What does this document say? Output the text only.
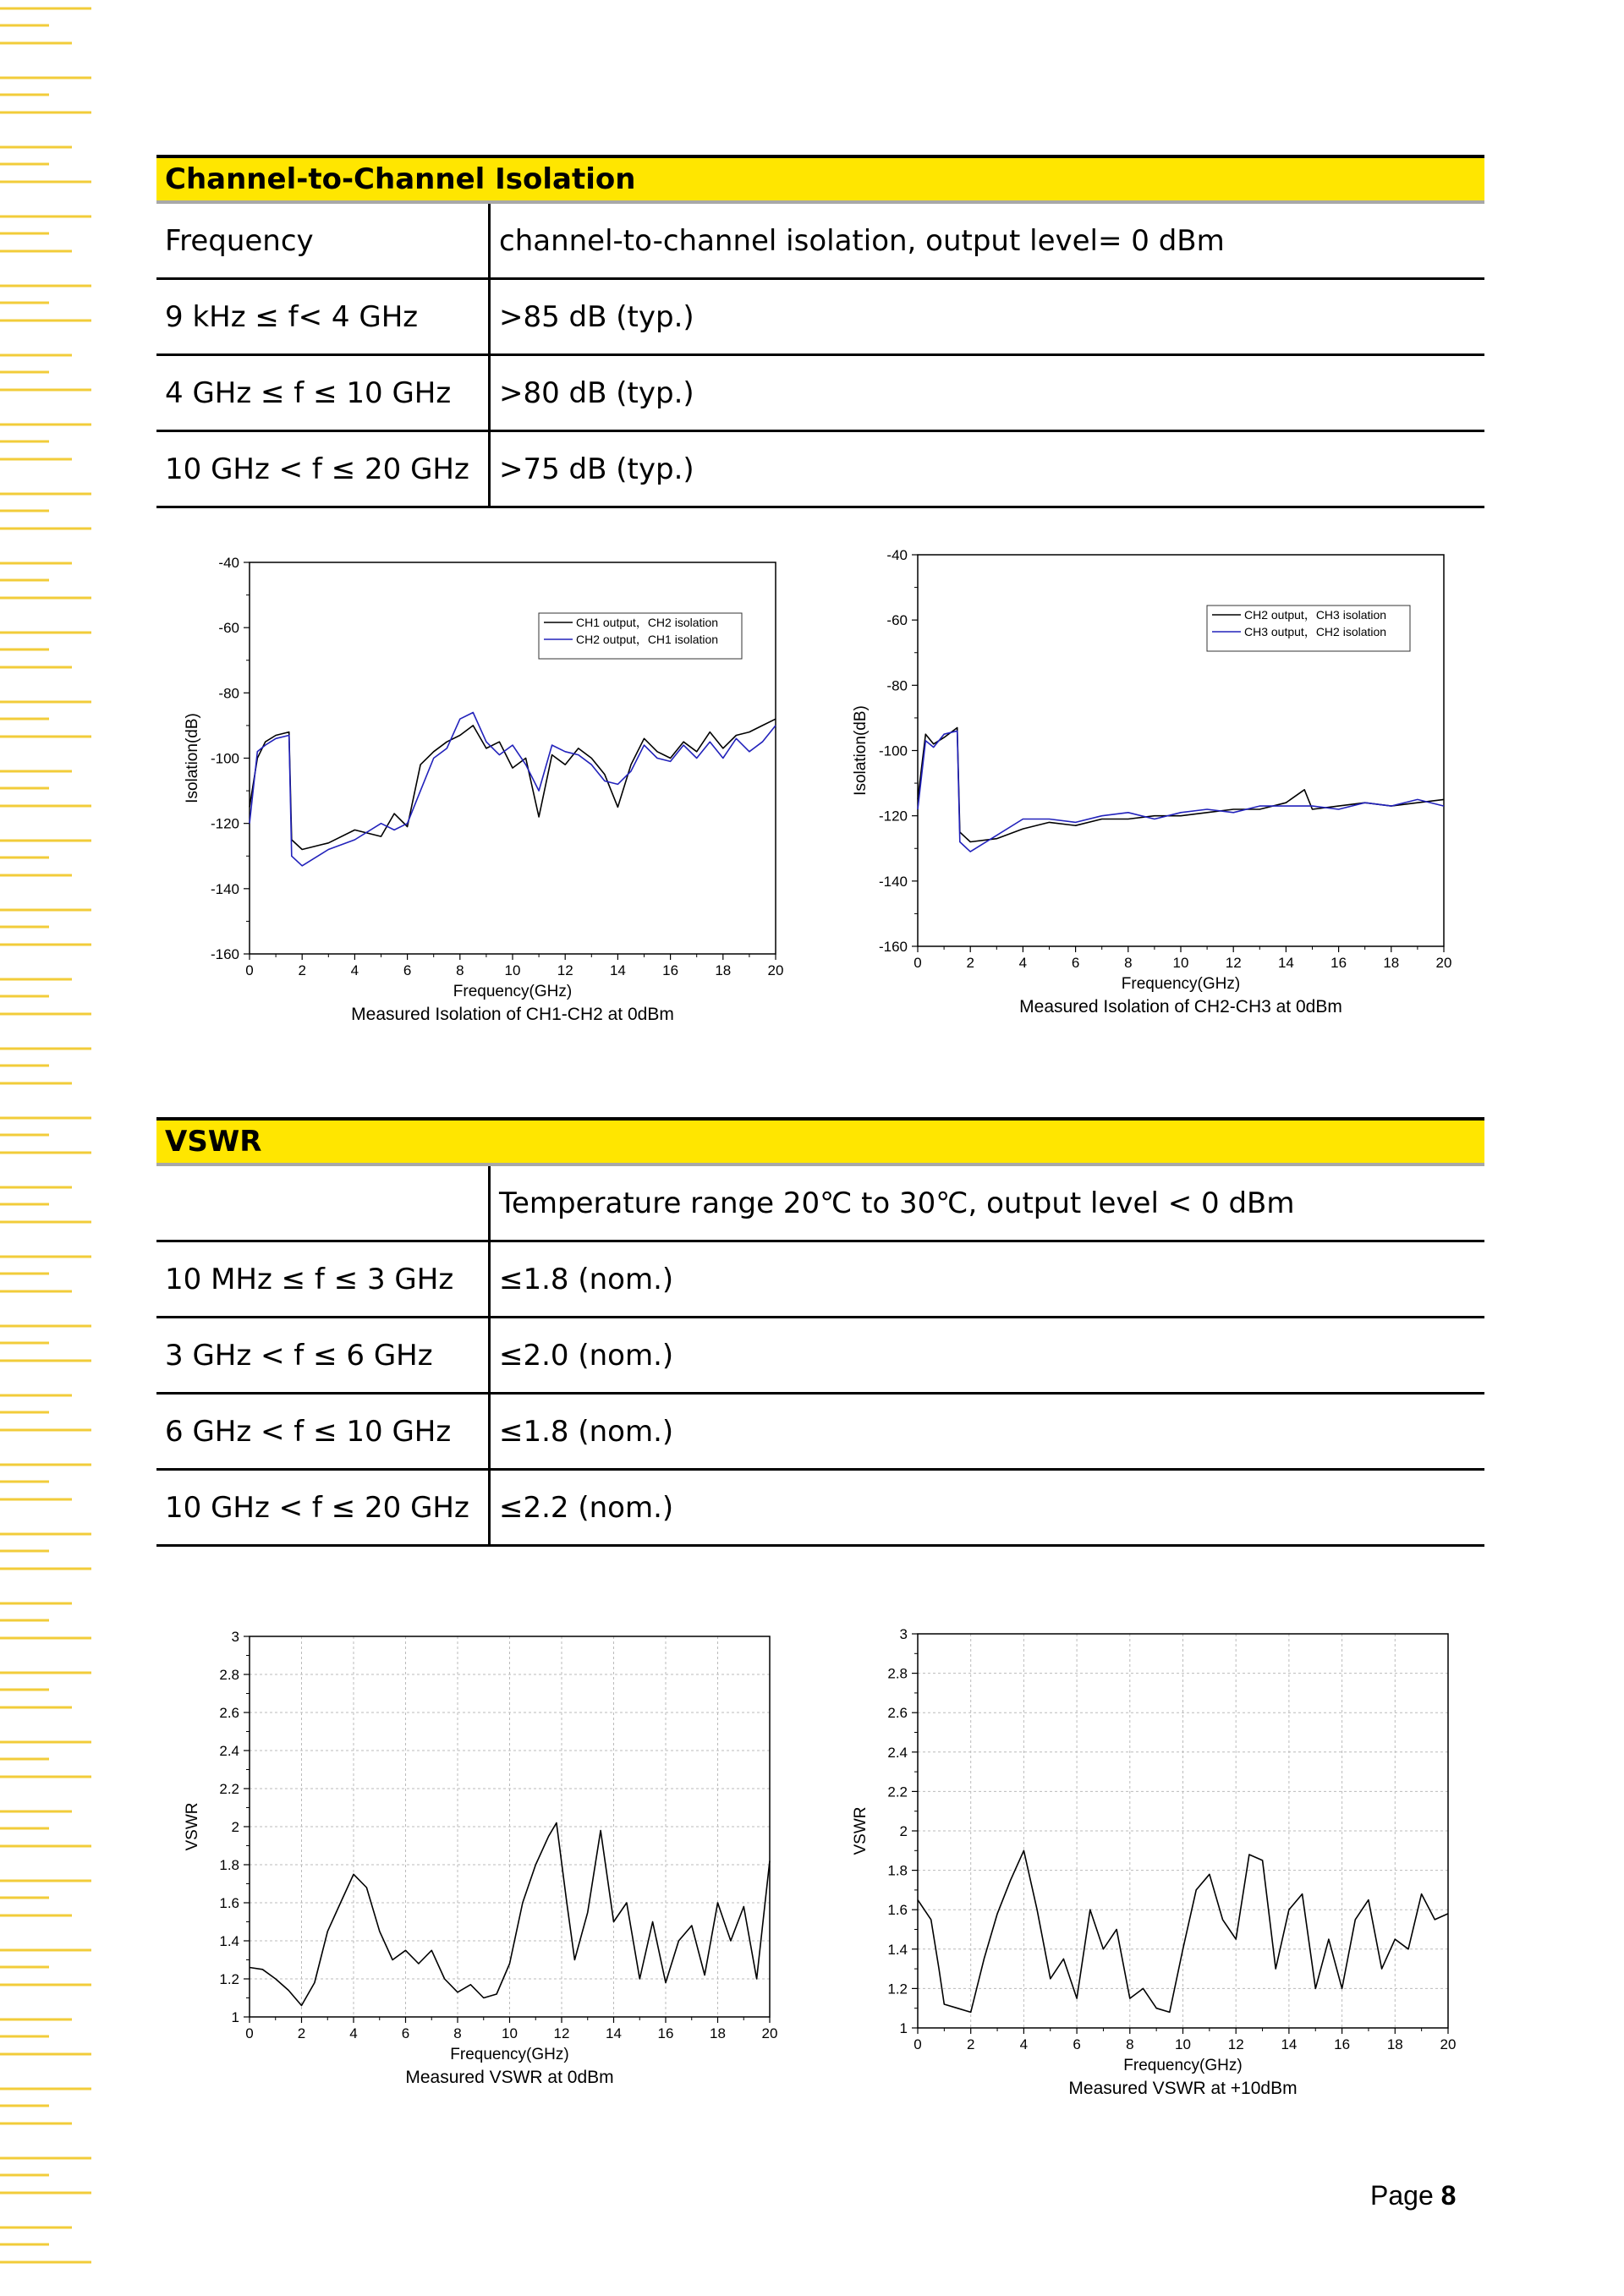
Channel-to-Channel Isolation
Frequency	channel-to-channel isolation, output level= 0 dBm
9 kHz ≤ f< 4 GHz	>85 dB (typ.)
4 GHz ≤ f ≤ 10 GHz	>80 dB (typ.)
10 GHz < f ≤ 20 GHz	>75 dB (typ.)
0	2	4	6	8	10	12	14	16	18	20
-160
-140
-120
-100
-80
-60
-40
Frequency(GHz)
Isolation(dB)
Measured Isolation of CH1-CH2 at 0dBm
CH1 output，CH2 isolation
CH2 output，CH1 isolation
0	2	4	6	8	10	12	14	16	18	20
-160
-140
-120
-100
-80
-60
-40
Frequency(GHz)
Isolation(dB)
Measured Isolation of CH2-CH3 at 0dBm
CH2 output，CH3 isolation
CH3 output，CH2 isolation
VSWR
	Temperature range 20℃ to 30℃, output level < 0 dBm
10 MHz ≤ f ≤ 3 GHz	≤1.8 (nom.)
3 GHz < f ≤ 6 GHz	≤2.0 (nom.)
6 GHz < f ≤ 10 GHz	≤1.8 (nom.)
10 GHz < f ≤ 20 GHz	≤2.2 (nom.)
0	2	4	6	8	10	12	14	16	18	20
1
1.2
1.4
1.6
1.8
2
2.2
2.4
2.6
2.8
3
Frequency(GHz)
VSWR
Measured VSWR at 0dBm
0	2	4	6	8	10	12	14	16	18	20
1
1.2
1.4
1.6
1.8
2
2.2
2.4
2.6
2.8
3
Frequency(GHz)
VSWR
Measured VSWR at +10dBm
Page 8
